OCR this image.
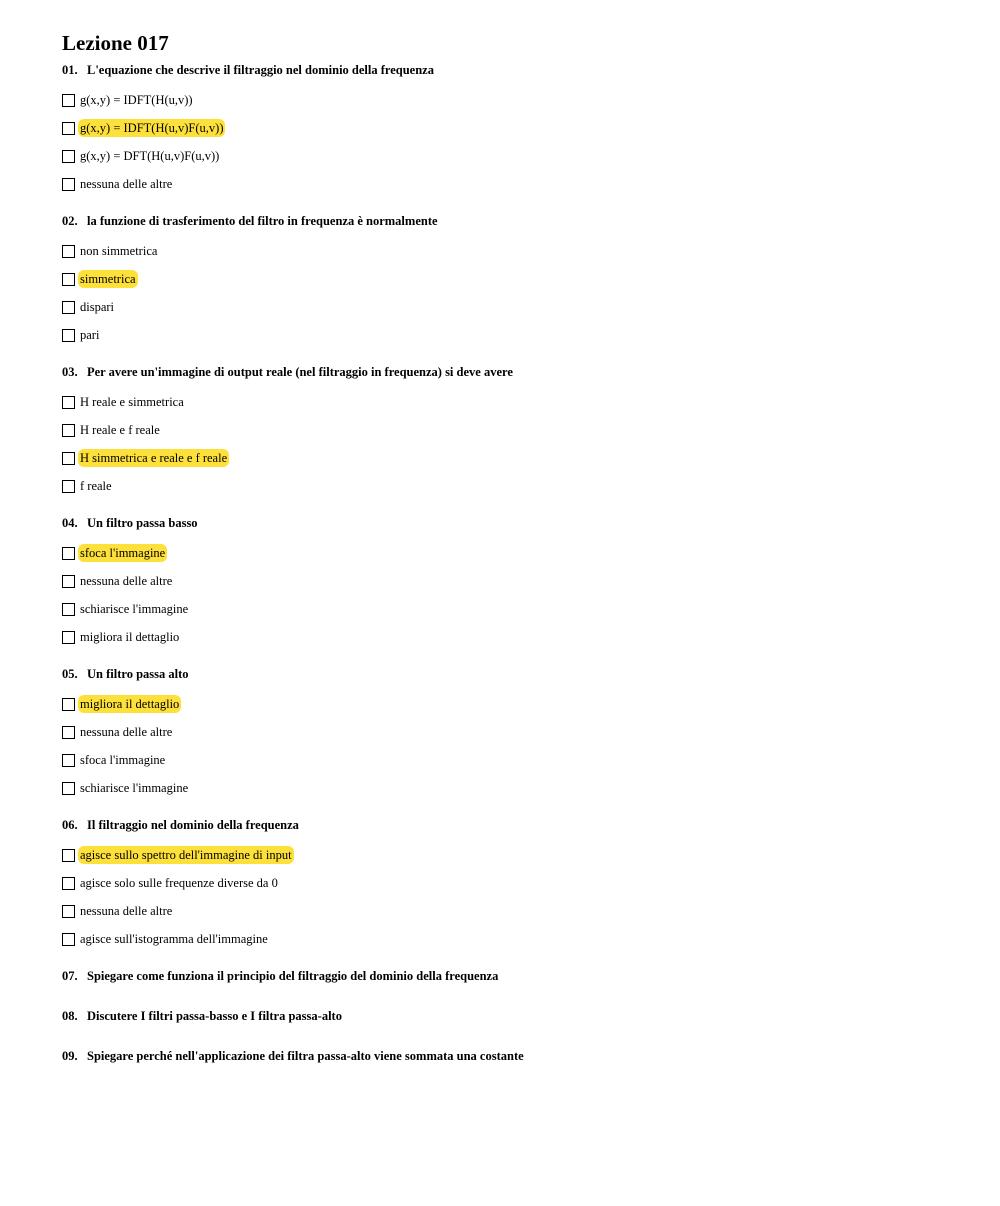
Lezione 017
01. L'equazione che descrive il filtraggio nel dominio della frequenza
g(x,y) = IDFT(H(u,v))
g(x,y) = IDFT(H(u,v)F(u,v))
g(x,y) = DFT(H(u,v)F(u,v))
nessuna delle altre
02. la funzione di trasferimento del filtro in frequenza è normalmente
non simmetrica
simmetrica
dispari
pari
03. Per avere un'immagine di output reale (nel filtraggio in frequenza) si deve avere
H reale e simmetrica
H reale e f reale
H simmetrica e reale e f reale
f reale
04. Un filtro passa basso
sfoca l'immagine
nessuna delle altre
schiarisce l'immagine
migliora il dettaglio
05. Un filtro passa alto
migliora il dettaglio
nessuna delle altre
sfoca l'immagine
schiarisce l'immagine
06. Il filtraggio nel dominio della frequenza
agisce sullo spettro dell'immagine di input
agisce solo sulle frequenze diverse da 0
nessuna delle altre
agisce sull'istogramma dell'immagine
07. Spiegare come funziona il principio del filtraggio del dominio della frequenza
08. Discutere I filtri passa-basso e I filtra passa-alto
09. Spiegare perché nell'applicazione dei filtra passa-alto viene sommata una costante
